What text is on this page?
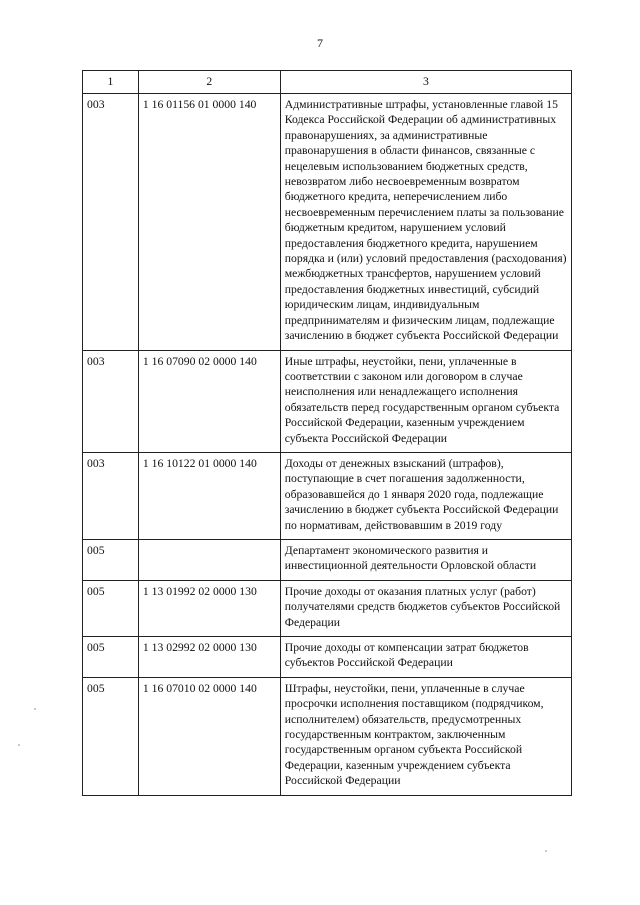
7
1	2	3
003	1 16 01156 01 0000 140	Административные штрафы, установленные главой 15 Кодекса Российской Федерации об административных правонарушениях, за административные правонарушения в области финансов, связанные с нецелевым использованием бюджетных средств, невозвратом либо несвоевременным возвратом бюджетного кредита, неперечислением либо несвоевременным перечислением платы за пользование бюджетным кредитом, нарушением условий предоставления бюджетного кредита, нарушением порядка и (или) условий предоставления (расходования) межбюджетных трансфертов, нарушением условий предоставления бюджетных инвестиций, субсидий юридическим лицам, индивидуальным предпринимателям и физическим лицам, подлежащие зачислению в бюджет субъекта Российской Федерации
003	1 16 07090 02 0000 140	Иные штрафы, неустойки, пени, уплаченные в соответствии с законом или договором в случае неисполнения или ненадлежащего исполнения обязательств перед государственным органом субъекта Российской Федерации, казенным учреждением субъекта Российской Федерации
003	1 16 10122 01 0000 140	Доходы от денежных взысканий (штрафов), поступающие в счет погашения задолженности, образовавшейся до 1 января 2020 года, подлежащие зачислению в бюджет субъекта Российской Федерации по нормативам, действовавшим в 2019 году
005		Департамент экономического развития и инвестиционной деятельности Орловской области
005	1 13 01992 02 0000 130	Прочие доходы от оказания платных услуг (работ) получателями средств бюджетов субъектов Российской Федерации
005	1 13 02992 02 0000 130	Прочие доходы от компенсации затрат бюджетов субъектов Российской Федерации
005	1 16 07010 02 0000 140	Штрафы, неустойки, пени, уплаченные в случае просрочки исполнения поставщиком (подрядчиком, исполнителем) обязательств, предусмотренных государственным контрактом, заключенным государственным органом субъекта Российской Федерации, казенным учреждением субъекта Российской Федерации
